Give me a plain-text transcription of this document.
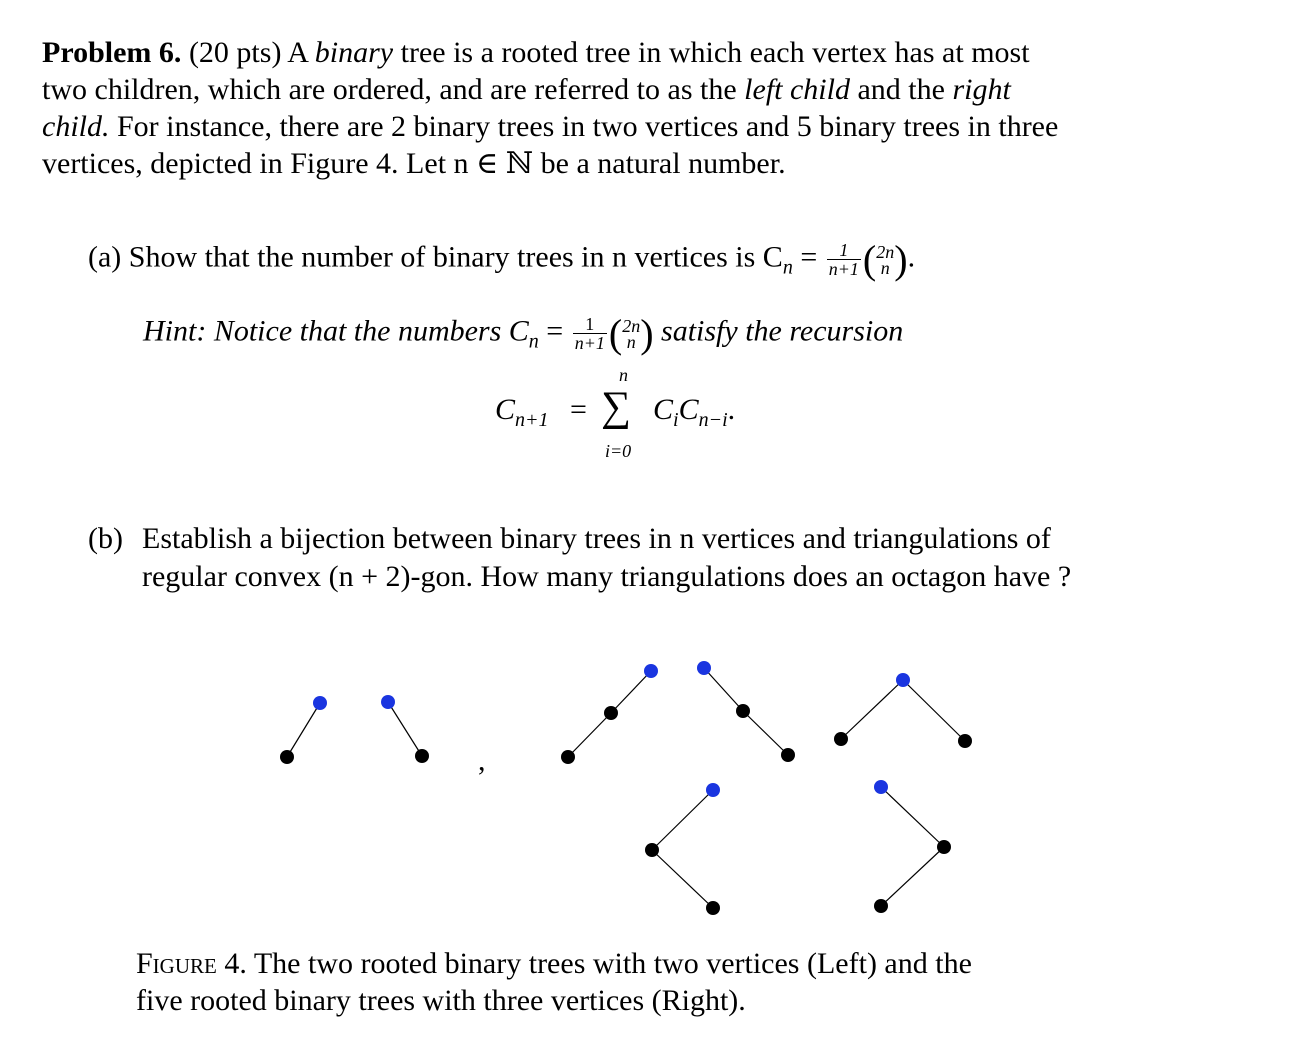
Problem 6. (20 pts) A binary tree is a rooted tree in which each vertex has at most
two children, which are ordered, and are referred to as the left child and the right
child. For instance, there are 2 binary trees in two vertices and 5 binary trees in three
vertices, depicted in Figure 4. Let n ∈ ℕ be a natural number.
(a) Show that the number of binary trees in n vertices is $C_n = \frac{1}{n+1}$ ( 2n
n ).
Hint: Notice that the numbers $C_n = \frac{1}{n+1}$ ( 2n
n ) satisfy the recursion
$C_{n+1}$ =
n
∑
i=0
$C_iC_{n-i}$.
(b) Establish a bijection between binary trees in n vertices and triangulations of
regular convex (n + 2)-gon. How many triangulations does an octagon have ?
,
Figure 4. The two rooted binary trees with two vertices (Left) and the
five rooted binary trees with three vertices (Right).
